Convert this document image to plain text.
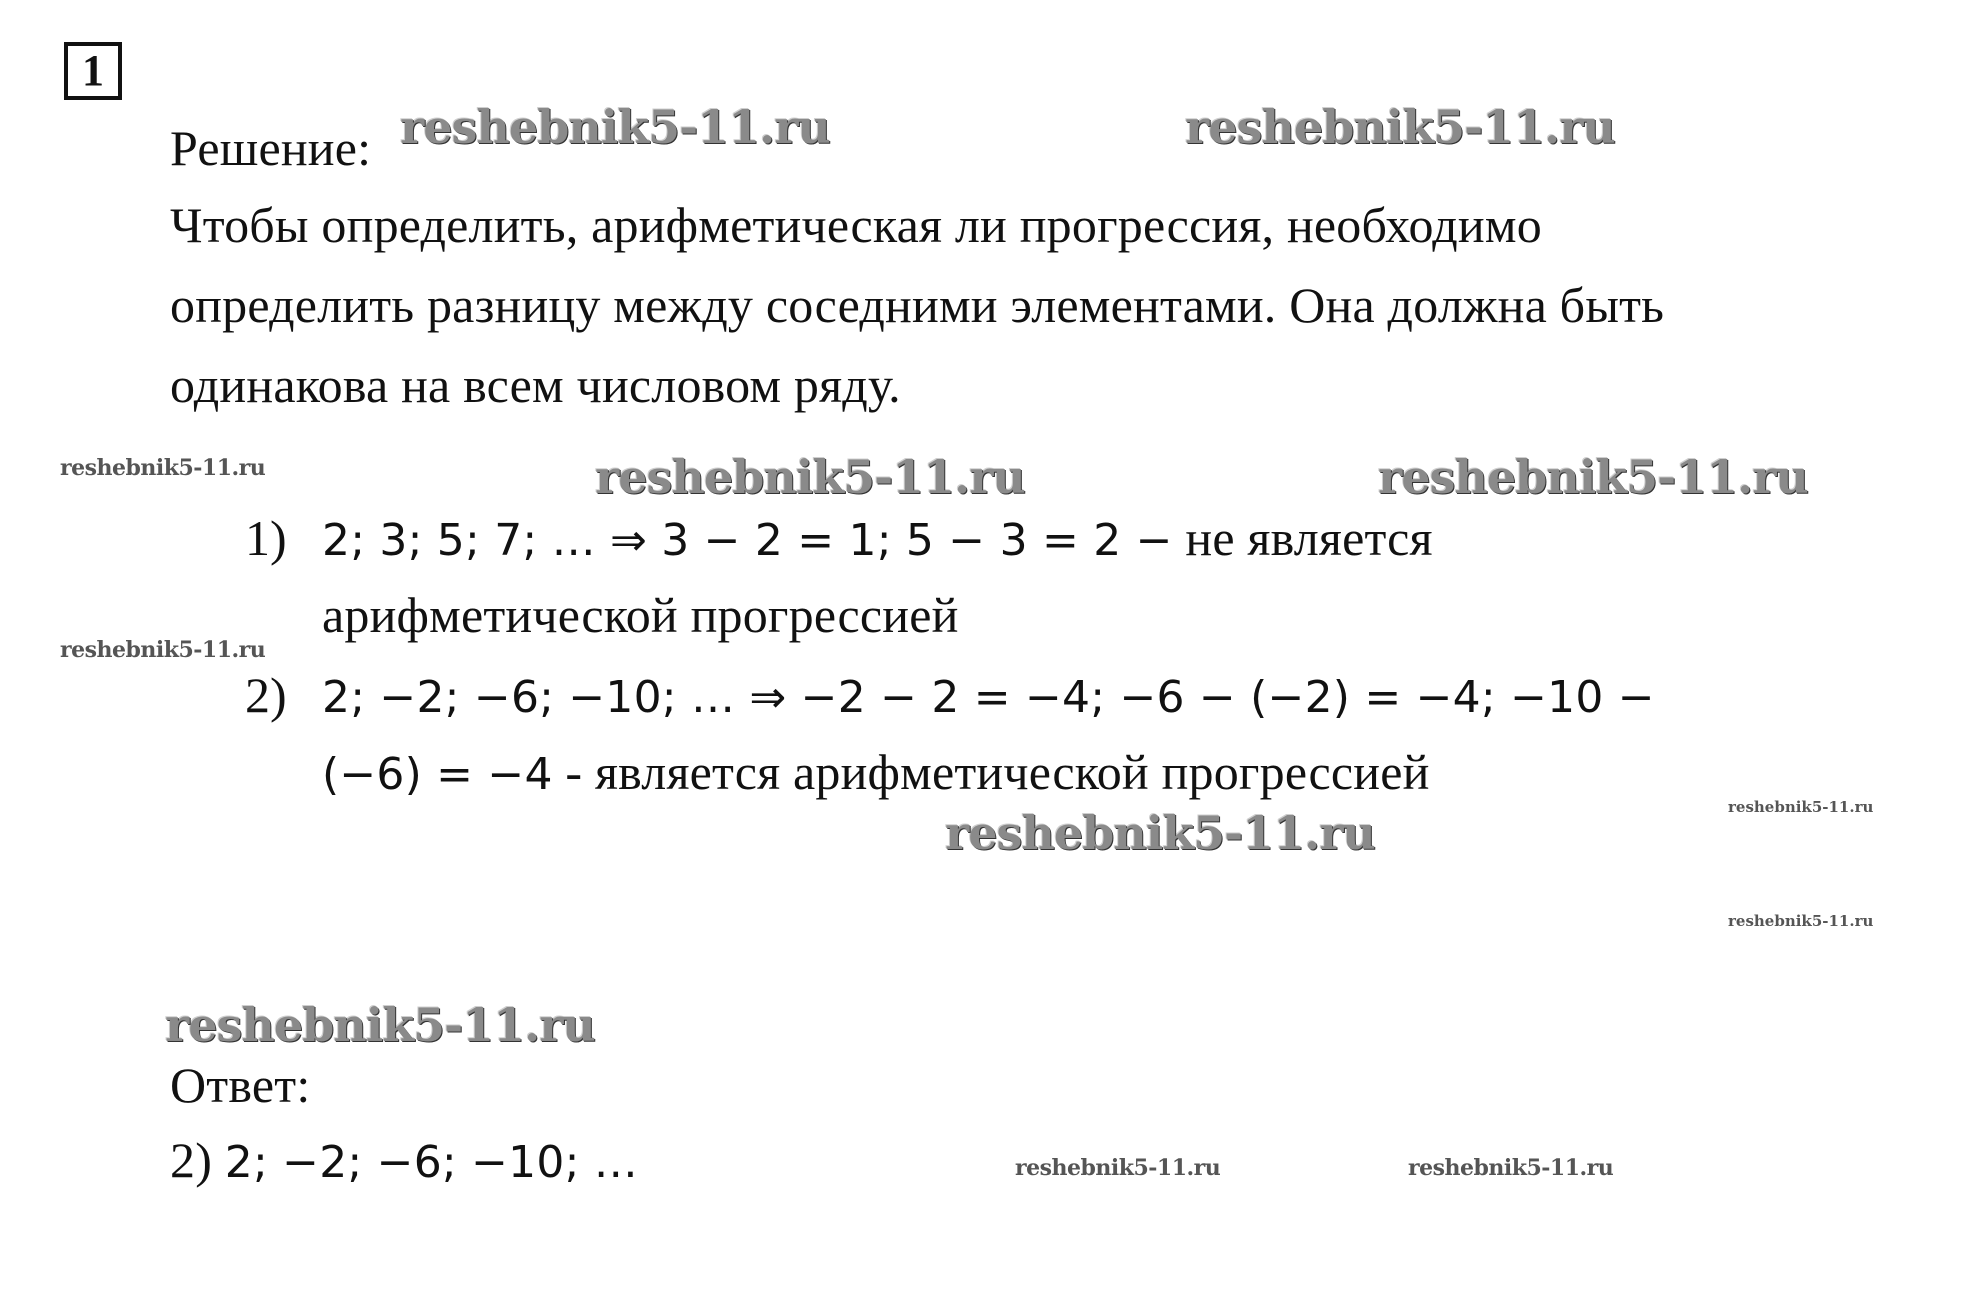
1
reshebnik5-11.ru	reshebnik5-11.ru
reshebnik5-11.ru	reshebnik5-11.ru	reshebnik5-11.ru
reshebnik5-11.ru
reshebnik5-11.ru
reshebnik5-11.ru
reshebnik5-11.ru
reshebnik5-11.ru
reshebnik5-11.ru	reshebnik5-11.ru
Решение:
Чтобы определить, арифметическая ли прогрессия, необходимо
определить разницу между соседними элементами. Она должна быть
одинакова на всем числовом ряду.
1) 2; 3; 5; 7; … ⇒ 3 − 2 = 1; 5 − 3 = 2 − не является
арифметической прогрессией
2) 2; −2; −6; −10; … ⇒ −2 − 2 = −4; −6 − (−2) = −4; −10 −
(−6) = −4 - является арифметической прогрессией
Ответ:
2) 2; −2; −6; −10; …
